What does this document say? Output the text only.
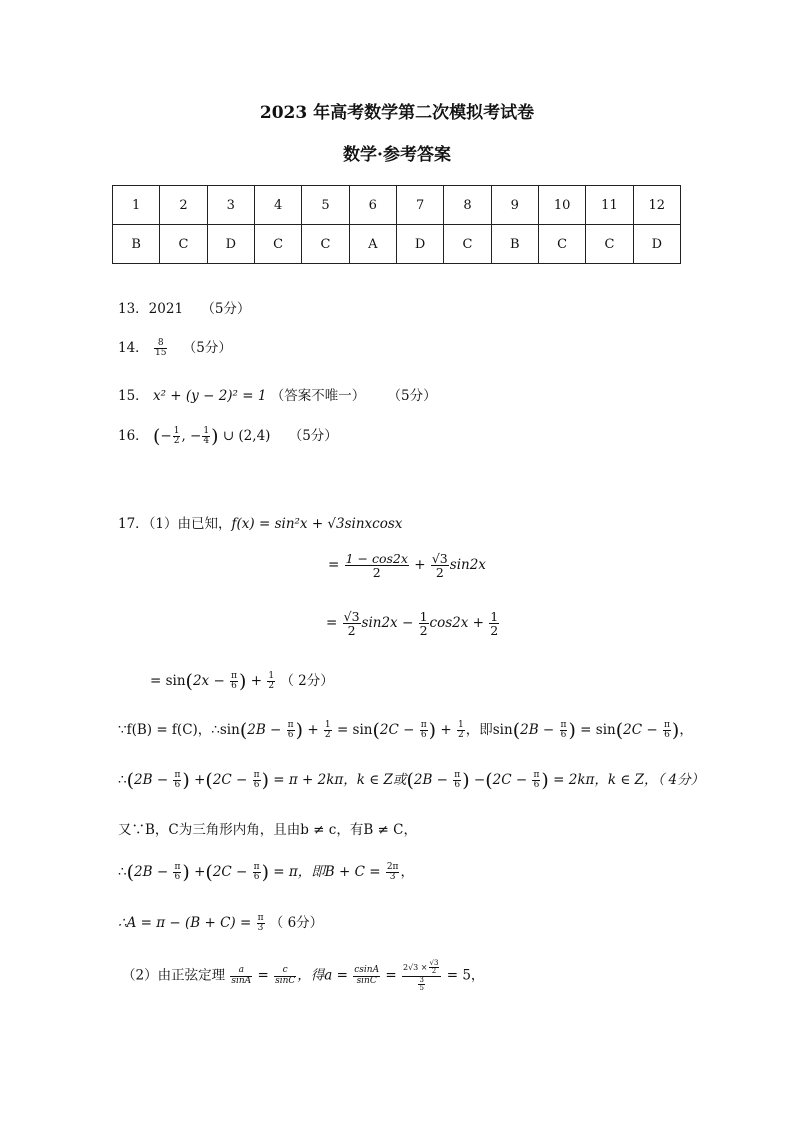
2023 年高考数学第二次模拟考试卷
数学·参考答案
1	2	3	4	5	6	7	8	9	10	11	12
B	C	D	C	C	A	D	C	B	C	C	D
13．2021 （5分）
14． $\frac{8}{15} (5$分）
15． x² + (y − 2)² = 1 （答案不唯一） （5分）
16． (− $\frac{1}{2}$ , − $\frac{1}{4}$ ) ∪ (2,4) （5分）
17．（1）由已知，f(x) = sin²x + √3sinxcosx
= $\frac{1 - \cos 2x}{2} + \frac{√3}{2} \sin 2x$
= $\frac{√3}{2} \sin 2x - \frac{1}{2} \cos 2x + \frac{1}{2}$
= $\sin(2x - \frac{\pi}{6}$ ) + $\frac{1}{2}$ （ 2分）
∵f(B) = f(C)，∴sin(2B − $\frac{\pi}{6}$ ) + $\frac{1}{2} = \sin(2C - \frac{\pi}{6}$ ) + $\frac{1}{2}$ ，即$\sin(2B - \frac{\pi}{6}$ ) = $\sin(2C - \frac{\pi}{6}$ )，
∴(2B − $\frac{\pi}{6}$ ) $+(2C - \frac{\pi}{6}$ ) = π + 2kπ，k ∈ Z或($2B - \frac{\pi}{6}$ ) $-(2C - \frac{\pi}{6}$ ) = 2kπ，k ∈ Z，（ 4分）
又∵B，C为三角形内角，且由b ≠ c，有B ≠ C，
∴(2B − $\frac{\pi}{6}$ ) $+(2C - \frac{\pi}{6}$ ) = π，即$B + C = \frac{2\pi}{3}$ ，
∴A = $\pi - (B + C) = \frac{\pi}{3}$ （ 6分）
（2）由正弦定理 $\frac{a}{\sin A} = \frac{c}{\sin C}$ ，得$a = \frac{csinA}{\sin C} = \frac{2√3 \times \frac{√3}{2}}{\frac{3}{5}} = 5$，
